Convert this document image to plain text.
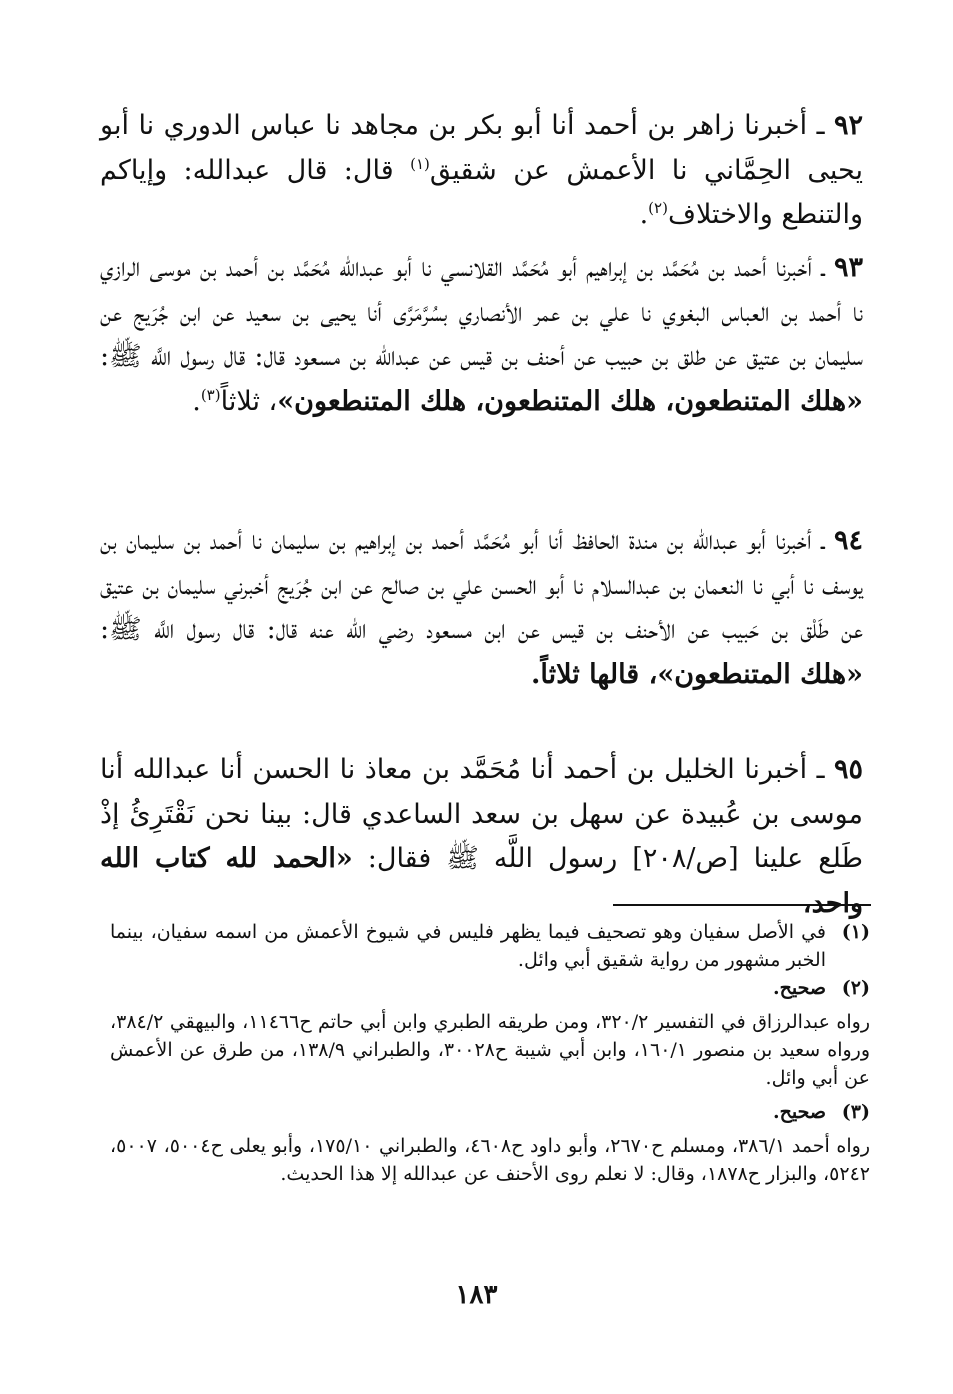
٩٢ ـ أخبرنا زاهر بن أحمد أنا أبو بكر بن مجاهد نا عباس الدوري نا أبو يحيى الحِمَّاني نا الأعمش عن شقيق$^{(١)}$ قال: قال عبدالله: وإياكم والتنطع والاختلاف$^{(٢)}$.

٩٣ ـ أخبرنا أحمد بن مُحَمَّد بن إبراهيم أبو مُحَمَّد القلانسي نا أبو عبدالله مُحَمَّد بن أحمد بن موسى الرازي نا أحمد بن العباس البغوي نا علي بن عمر الأنصاري بسُرَّمَرَّى أنا يحيى بن سعيد عن ابن جُرَيج عن سليمان بن عتيق عن طلق بن حبيب عن أحنف بن قيس عن عبدالله بن مسعود قال: قال رسول اللَّه ﷺ: «هلك المتنطعون، هلك المتنطعون، هلك المتنطعون»، ثلاثاً$^{(٣)}$.

٩٤ ـ أخبرنا أبو عبدالله بن مندة الحافظ أنا أبو مُحَمَّد أحمد بن إبراهيم بن سليمان نا أحمد بن سليمان بن يوسف نا أبي نا النعمان بن عبدالسلام نا أبو الحسن علي بن صالح عن ابن جُرَيج أخبرني سليمان بن عتيق عن طَلْق بن حَبيب عن الأحنف بن قيس عن ابن مسعود رضي الله عنه قال: قال رسول اللَّه ﷺ: «هلك المتنطعون»، قالها ثلاثاً.

٩٥ ـ أخبرنا الخليل بن أحمد أنا مُحَمَّد بن معاذ نا الحسن أنا عبدالله أنا موسى بن عُبيدة عن سهل بن سعد الساعدي قال: بينا نحن نَقْتَرِئُ إذْ طَلع علينا [ص/٢٠٨] رسول اللَّه ﷺ فقال: «الحمد لله كتاب الله واحد،

(١)
في الأصل سفيان وهو تصحيف فيما يظهر فليس في شيوخ الأعمش من اسمه سفيان، بينما الخبر مشهور من رواية شقيق أبي وائل.
(٢)
صحيح.
رواه عبدالرزاق في التفسير ٣٢٠/٢، ومن طريقه الطبري وابن أبي حاتم ح١١٤٦٦، والبيهقي ٣٨٤/٢، ورواه سعيد بن منصور ١٦٠/١، وابن أبي شيبة ح٣٠٠٢٨، والطبراني ١٣٨/٩، من طرق عن الأعمش عن أبي وائل.
(٣)
صحيح.
رواه أحمد ٣٨٦/١، ومسلم ح٢٦٧٠، وأبو داود ح٤٦٠٨، والطبراني ١٧٥/١٠، وأبو يعلى ح٥٠٠٤، ٥٠٠٧، ٥٢٤٢، والبزار ح١٨٧٨، وقال: لا نعلم روى الأحنف عن عبدالله إلا هذا الحديث.
١٨٣
